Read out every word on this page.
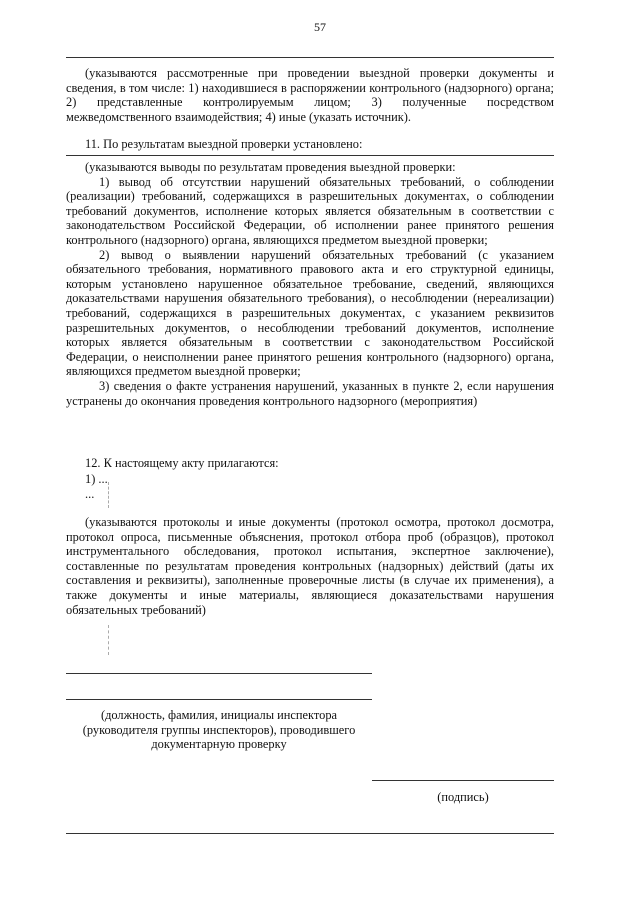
57
(указываются рассмотренные при проведении выездной проверки документы и сведения, в том числе: 1) находившиеся в распоряжении контрольного (надзорного) органа; 2) представленные контролируемым лицом; 3) полученные посредством межведомственного взаимодействия; 4) иные (указать источник).
11. По результатам выездной проверки установлено:

(указываются выводы по результатам проведения выездной проверки:

1) вывод об отсутствии нарушений обязательных требований, о соблюдении (реализации) требований, содержащихся в разрешительных документах, о соблюдении требований документов, исполнение которых является обязательным в соответствии с законодательством Российской Федерации, об исполнении ранее принятого решения контрольного (надзорного) органа, являющихся предметом выездной проверки;

2) вывод о выявлении нарушений обязательных требований (с указанием обязательного требования, нормативного правового акта и его структурной единицы, которым установлено нарушенное обязательное требование, сведений, являющихся доказательствами нарушения обязательного требования), о несоблюдении (нереализации) требований, содержащихся в разрешительных документах, с указанием реквизитов разрешительных документов, о несоблюдении требований документов, исполнение которых является обязательным в соответствии с законодательством Российской Федерации, о неисполнении ранее принятого решения контрольного (надзорного) органа, являющихся предметом выездной проверки;

3) сведения о факте устранения нарушений, указанных в пункте 2, если нарушения устранены до окончания проведения контрольного надзорного (мероприятия)

12. К настоящему акту прилагаются:
1) ...
...
(указываются протоколы и иные документы (протокол осмотра, протокол досмотра, протокол опроса, письменные объяснения, протокол отбора проб (образцов), протокол инструментального обследования, протокол испытания, экспертное заключение), составленные по результатам проведения контрольных (надзорных) действий (даты их составления и реквизиты), заполненные проверочные листы (в случае их применения), а также документы и иные материалы, являющиеся доказательствами нарушения обязательных требований)
(должность, фамилия, инициалы инспектора
(руководителя группы инспекторов), проводившего
документарную проверку
(подпись)
